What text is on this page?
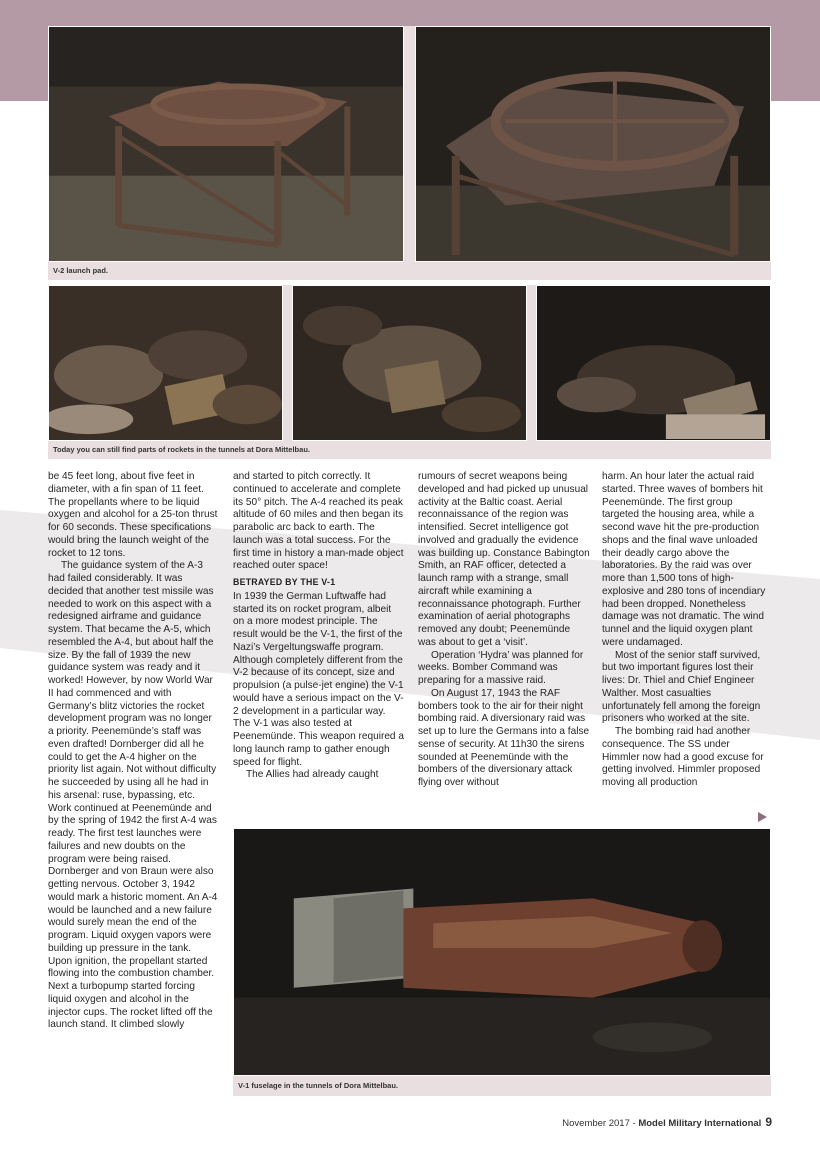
V-2 launch pad.
Today you can still find parts of rockets in the tunnels at Dora Mittelbau.

be 45 feet long, about five feet in diameter, with a fin span of 11 feet. The propellants where to be liquid oxygen and alcohol for a 25-ton thrust for 60 seconds. These specifications would bring the launch weight of the rocket to 12 tons.

The guidance system of the A-3 had failed considerably. It was decided that another test missile was needed to work on this aspect with a redesigned airframe and guidance system. That became the A-5, which resembled the A-4, but about half the size. By the fall of 1939 the new guidance system was ready and it worked! However, by now World War II had commenced and with Germany’s blitz victories the rocket development program was no longer a priority. Peenemünde’s staff was even drafted! Dornberger did all he could to get the A-4 higher on the priority list again. Not without difficulty he succeeded by using all he had in his arsenal: ruse, bypassing, etc. Work continued at Peenemünde and by the spring of 1942 the first A-4 was ready. The first test launches were failures and new doubts on the program were being raised. Dornberger and von Braun were also getting nervous. October 3, 1942 would mark a historic moment. An A-4 would be launched and a new failure would surely mean the end of the program. Liquid oxygen vapors were building up pressure in the tank. Upon ignition, the propellant started flowing into the combustion chamber. Next a turbopump started forcing liquid oxygen and alcohol in the injector cups. The rocket lifted off the launch stand. It climbed slowly

and started to pitch correctly. It continued to accelerate and complete its 50° pitch. The A-4 reached its peak altitude of 60 miles and then began its parabolic arc back to earth. The launch was a total success. For the first time in history a man-made object reached outer space!

BETRAYED BY THE V-1

In 1939 the German Luftwaffe had started its on rocket program, albeit on a more modest principle. The result would be the V-1, the first of the Nazi’s Vergeltungswaffe program. Although completely different from the V-2 because of its concept, size and propulsion (a pulse-jet engine) the V-1 would have a serious impact on the V-2 development in a particular way. The V-1 was also tested at Peenemünde. This weapon required a long launch ramp to gather enough speed for flight.

The Allies had already caught

rumours of secret weapons being developed and had picked up unusual activity at the Baltic coast. Aerial reconnaissance of the region was intensified. Secret intelligence got involved and gradually the evidence was building up. Constance Babington Smith, an RAF officer, detected a launch ramp with a strange, small aircraft while examining a reconnaissance photograph. Further examination of aerial photographs removed any doubt; Peenemünde was about to get a ‘visit’.

Operation ‘Hydra’ was planned for weeks. Bomber Command was preparing for a massive raid.

On August 17, 1943 the RAF bombers took to the air for their night bombing raid. A diversionary raid was set up to lure the Germans into a false sense of security. At 11h30 the sirens sounded at Peenemünde with the bombers of the diversionary attack flying over without

harm. An hour later the actual raid started. Three waves of bombers hit Peenemünde. The first group targeted the housing area, while a second wave hit the pre-production shops and the final wave unloaded their deadly cargo above the laboratories. By the raid was over more than 1,500 tons of high-explosive and 280 tons of incendiary had been dropped. Nonetheless damage was not dramatic. The wind tunnel and the liquid oxygen plant were undamaged.

Most of the senior staff survived, but two important figures lost their lives: Dr. Thiel and Chief Engineer Walther. Most casualties unfortunately fell among the foreign prisoners who worked at the site.

The bombing raid had another consequence. The SS under Himmler now had a good excuse for getting involved. Himmler proposed moving all production

V-1 fuselage in the tunnels of Dora Mittelbau.
November 2017 - Model Military International 9
